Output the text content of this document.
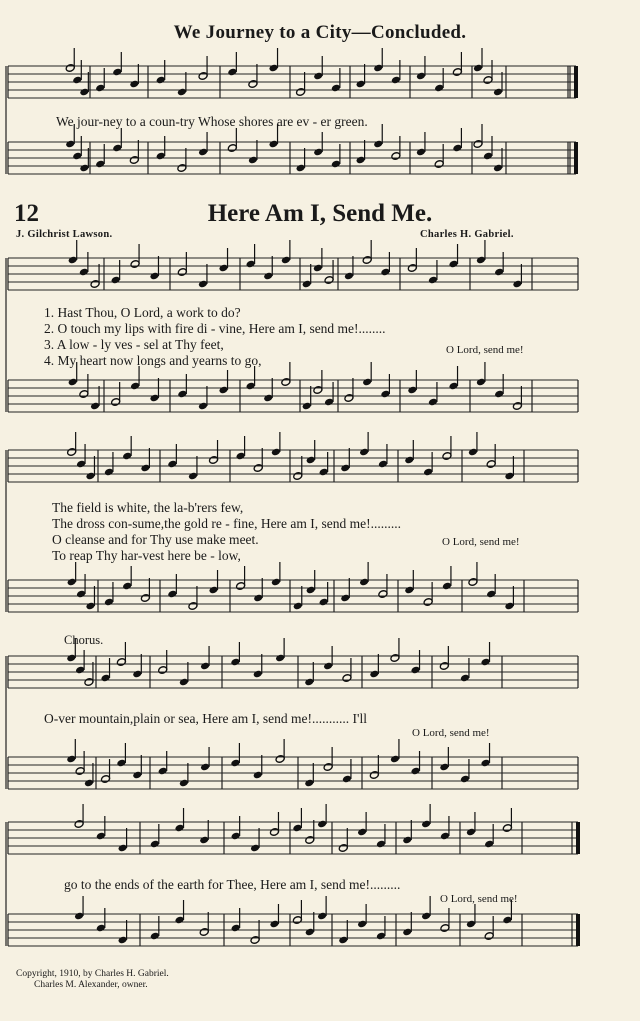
We Journey to a City—Concluded.
We jour-ney to a coun-try Whose shores are ev - er green.
12	Here Am I, Send Me.
J. Gilchrist Lawson.	Charles H. Gabriel.
1. Hast Thou, O Lord, a work to do?
2. O touch my lips with fire di - vine, Here am I, send me!........
3. A low - ly ves - sel at Thy feet,
4. My heart now longs and yearns to go,
O Lord, send me!
The field is white, the la-b'rers few,
The dross con-sume,the gold re - fine, Here am I, send me!.........
O cleanse and for Thy use make meet.
To reap Thy har-vest here be - low,
O Lord, send me!
Chorus.
O-ver mountain,plain or sea, Here am I, send me!........... I'll
O Lord, send me!
go to the ends of the earth for Thee, Here am I, send me!.........
O Lord, send me!
Copyright, 1910, by Charles H. Gabriel.
Charles M. Alexander, owner.
